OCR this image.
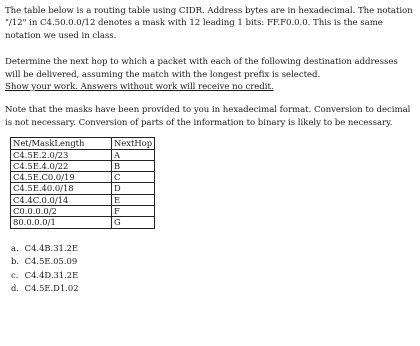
The table below is a routing table using CIDR. Address bytes are in hexadecimal. The notation "/12" in C4.50.0.0/12 denotes a mask with 12 leading 1 bits: FF.F0.0.0. This is the same notation we used in class.

Determine the next hop to which a packet with each of the following destination addresses will be delivered, assuming the match with the longest prefix is selected.
Show your work. Answers without work will receive no credit.

Note that the masks have been provided to you in hexadecimal format. Conversion to decimal is not necessary. Conversion of parts of the information to binary is likely to be necessary.

Net/MaskLength	NextHop
C4.5E.2.0/23	A
C4.5E.4.0/22	B
C4.5E.C0.0/19	C
C4.5E.40.0/18	D
C4.4C.0.0/14	E
C0.0.0.0/2	F
80.0.0.0/1	G
a. C4.4B.31.2E
b. C4.5E.05.09
c. C4.4D.31.2E
d. C4.5E.D1.02
